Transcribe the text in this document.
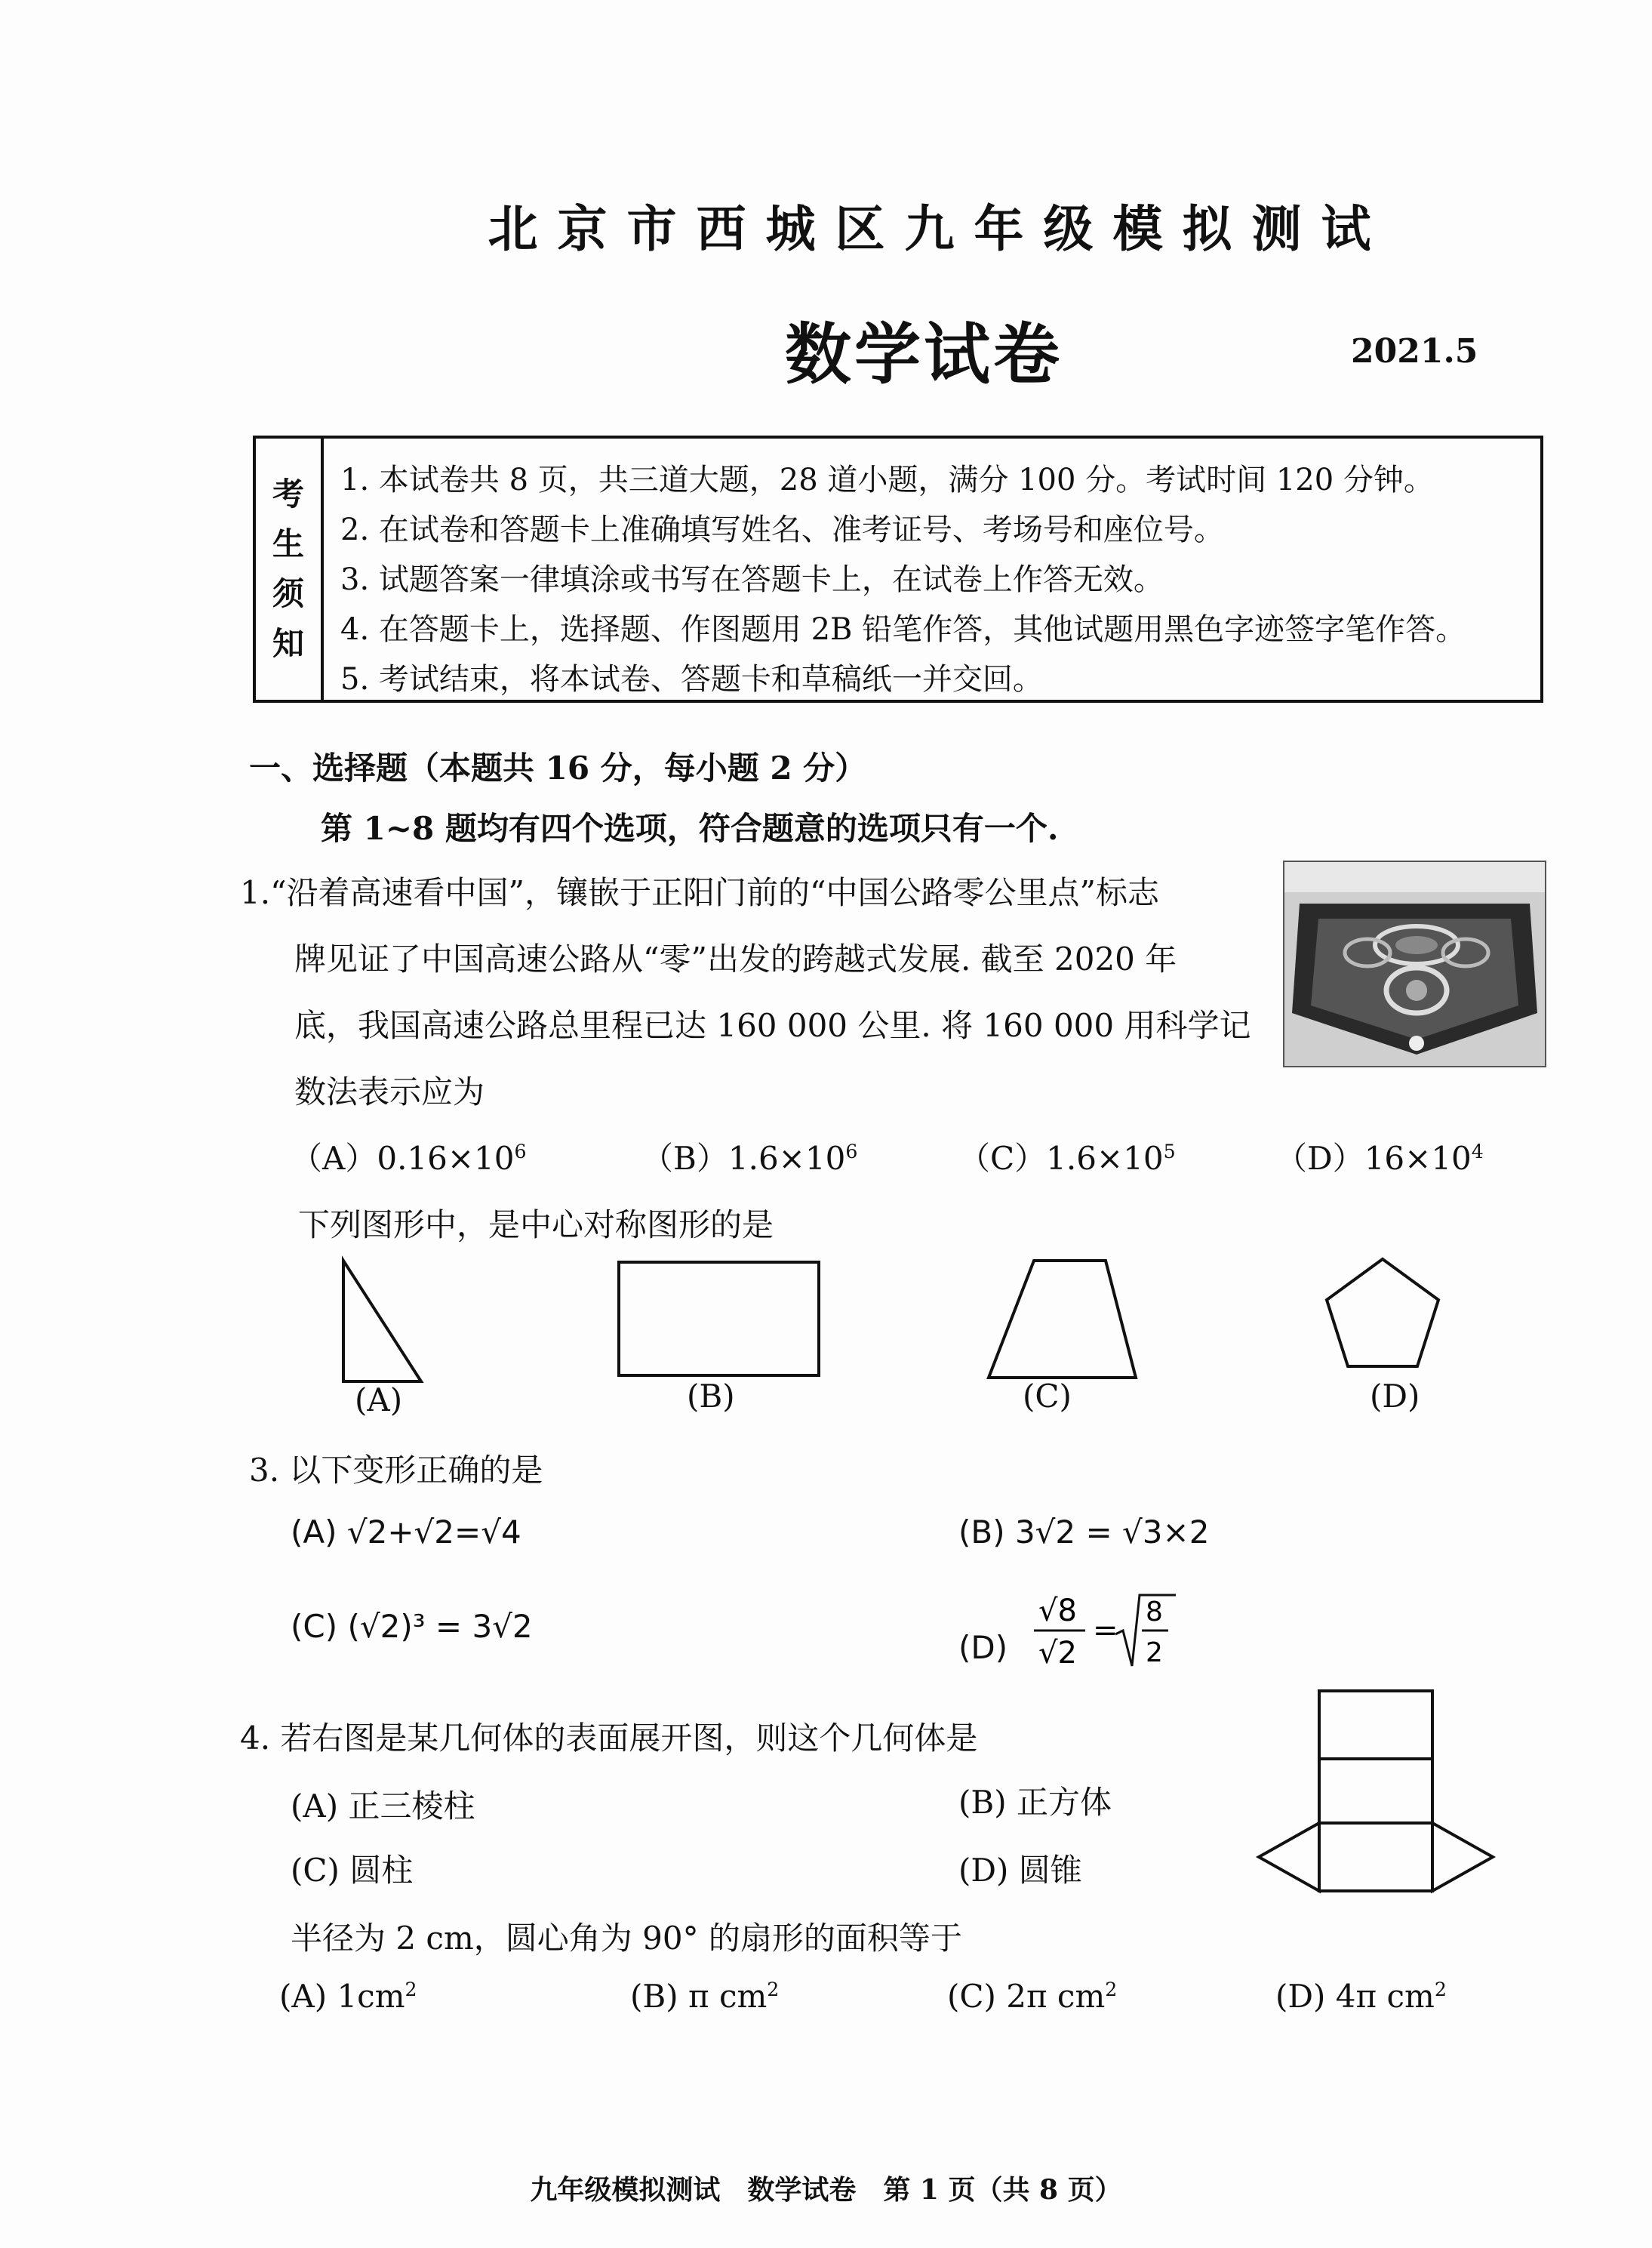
北京市西城区九年级模拟测试
数学试卷	2021.5
考
生
须
知
1. 本试卷共 8 页，共三道大题，28 道小题，满分 100 分。考试时间 120 分钟。
2. 在试卷和答题卡上准确填写姓名、准考证号、考场号和座位号。
3. 试题答案一律填涂或书写在答题卡上，在试卷上作答无效。
4. 在答题卡上，选择题、作图题用 2B 铅笔作答，其他试题用黑色字迹签字笔作答。
5. 考试结束，将本试卷、答题卡和草稿纸一并交回。
一、选择题（本题共 16 分，每小题 2 分）
第 1~8 题均有四个选项，符合题意的选项只有一个.
1.“沿着高速看中国”，镶嵌于正阳门前的“中国公路零公里点”标志
牌见证了中国高速公路从“零”出发的跨越式发展. 截至 2020 年
底，我国高速公路总里程已达 160 000 公里. 将 160 000 用科学记
数法表示应为
$(A)0.16\times 10^6$	$(B)1.6\times 10^6$	$(C)1.6\times 10^5$	$(D)16\times 10^4$
下列图形中，是中心对称图形的是
(A)	(B)	(C)	(D)
3. 以下变形正确的是
(A) √2+√2=√4	(B) 3√2 = √3×2
(C) (√2)³ = 3√2
(D)
√8
√2
=
8
2
4. 若右图是某几何体的表面展开图，则这个几何体是
(A) 正三棱柱	(B) 正方体
(C) 圆柱	(D) 圆锥
半径为 2 cm，圆心角为 90° 的扇形的面积等于
(A) $1cm^2$	(B) π $cm^2$	(C) 2π $cm^2$	(D) 4π $cm^2$
九年级模拟测试　数学试卷　第 1 页（共 8 页）
